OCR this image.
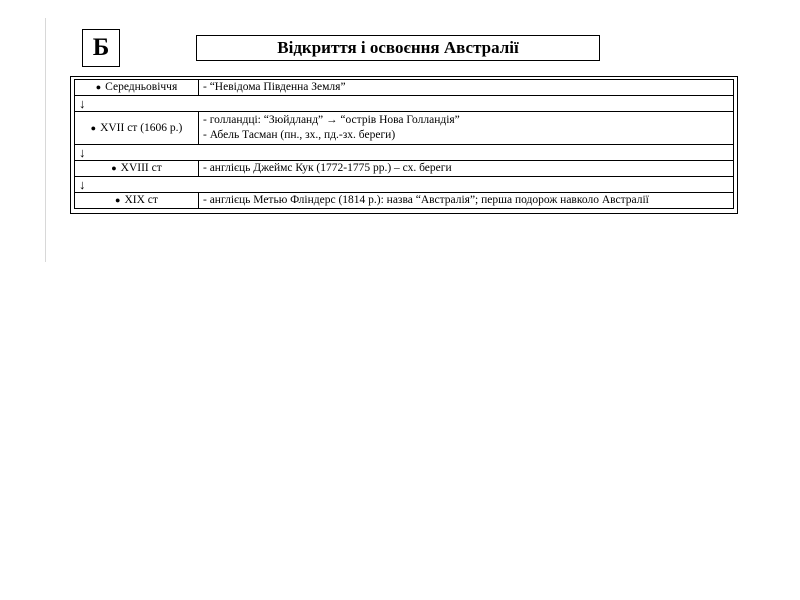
Б	Відкриття і освоєння Австралії
● Середньовіччя	- “Невідома Південна Земля”
↓	
● XVII ст (1606 р.)	- голландці: “Зюйдланд” → “острів Нова Голландія”
- Абель Тасман (пн., зх., пд.-зх. береги)

↓	
● XVIII ст	- англієць Джеймс Кук (1772-1775 рр.) – сх. береги
↓	
● XIX ст	- англієць Метью Фліндерс (1814 р.): назва “Австралія”; перша подорож навколо Австралії
